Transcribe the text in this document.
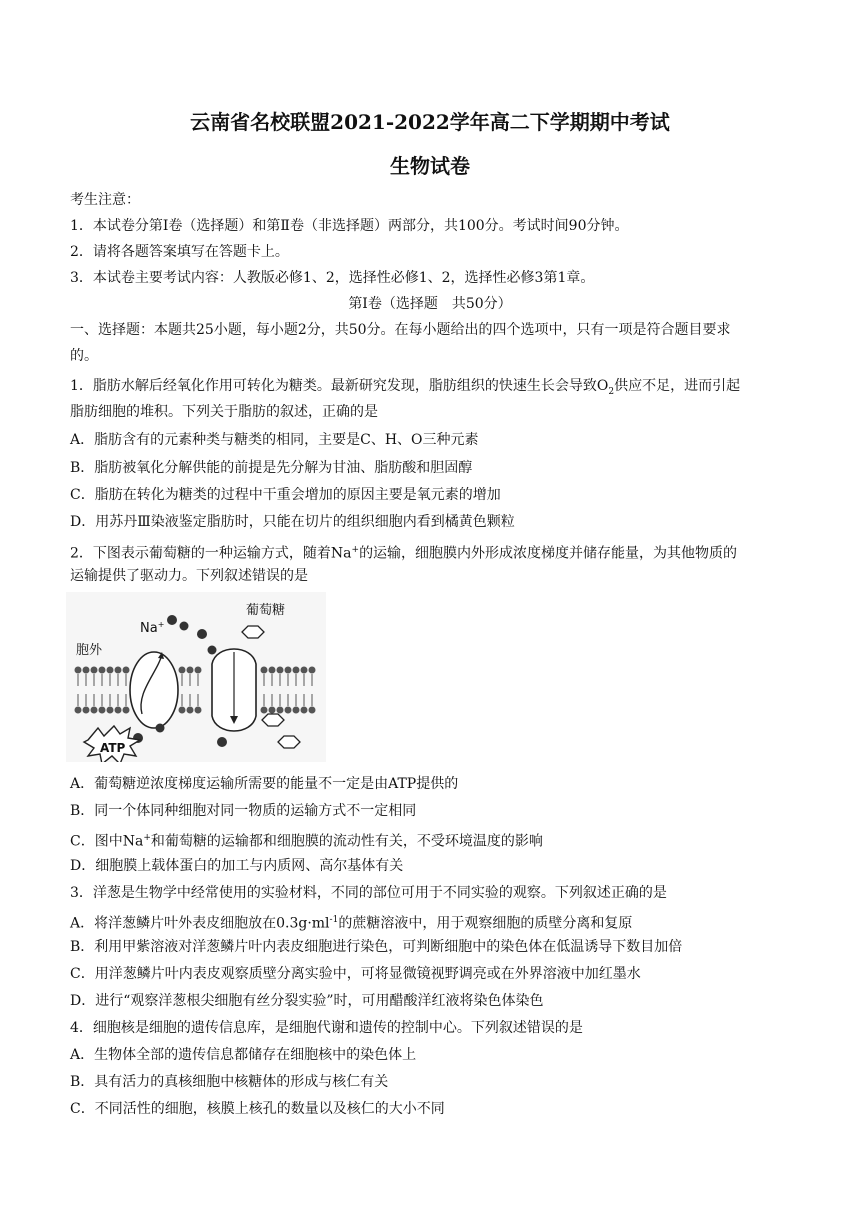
云南省名校联盟2021-2022学年高二下学期期中考试
生物试卷
考生注意：
1．本试卷分第Ⅰ卷（选择题）和第Ⅱ卷（非选择题）两部分，共100分。考试时间90分钟。
2．请将各题答案填写在答题卡上。
3．本试卷主要考试内容：人教版必修1、2，选择性必修1、2，选择性必修3第1章。
第Ⅰ卷（选择题　共50分）
一、选择题：本题共25小题，每小题2分，共50分。在每小题给出的四个选项中，只有一项是符合题目要求
的。
1．脂肪水解后经氧化作用可转化为糖类。最新研究发现，脂肪组织的快速生长会导致$O_2$供应不足，进而引起
脂肪细胞的堆积。下列关于脂肪的叙述，正确的是
A．脂肪含有的元素种类与糖类的相同，主要是C、H、O三种元素
B．脂肪被氧化分解供能的前提是先分解为甘油、脂肪酸和胆固醇
C．脂肪在转化为糖类的过程中干重会增加的原因主要是氧元素的增加
D．用苏丹Ⅲ染液鉴定脂肪时，只能在切片的组织细胞内看到橘黄色颗粒
2．下图表示葡萄糖的一种运输方式，随着Na+的运输，细胞膜内外形成浓度梯度并储存能量，为其他物质的
运输提供了驱动力。下列叙述错误的是
葡萄糖
Na+
胞外
ATP
A．葡萄糖逆浓度梯度运输所需要的能量不一定是由ATP提供的
B．同一个体同种细胞对同一物质的运输方式不一定相同
C．图中Na+和葡萄糖的运输都和细胞膜的流动性有关，不受环境温度的影响
D．细胞膜上载体蛋白的加工与内质网、高尔基体有关
3．洋葱是生物学中经常使用的实验材料，不同的部位可用于不同实验的观察。下列叙述正确的是
A．将洋葱鳞片叶外表皮细胞放在$0.3g\cdot ml^{-1}$的蔗糖溶液中，用于观察细胞的质壁分离和复原
B．利用甲紫溶液对洋葱鳞片叶内表皮细胞进行染色，可判断细胞中的染色体在低温诱导下数目加倍
C．用洋葱鳞片叶内表皮观察质壁分离实验中，可将显微镜视野调亮或在外界溶液中加红墨水
D．进行“观察洋葱根尖细胞有丝分裂实验”时，可用醋酸洋红液将染色体染色
4．细胞核是细胞的遗传信息库，是细胞代谢和遗传的控制中心。下列叙述错误的是
A．生物体全部的遗传信息都储存在细胞核中的染色体上
B．具有活力的真核细胞中核糖体的形成与核仁有关
C．不同活性的细胞，核膜上核孔的数量以及核仁的大小不同
